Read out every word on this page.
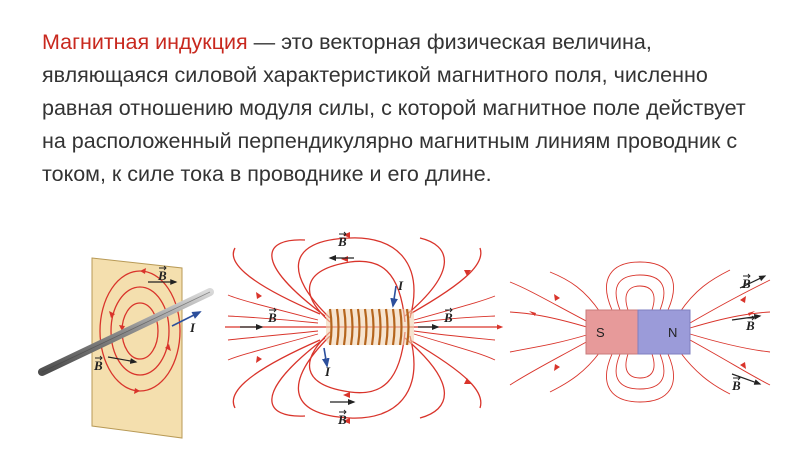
Магнитная индукция — это векторная физическая величина, являющаяся силовой характеристикой магнитного поля, численно равная отношению модуля силы, с которой магнитное поле действует на расположенный перпендикулярно магнитным линиям проводник с током, к силе тока в проводнике и его длине.
I
B
B
B	B
B
B
I
I
S	N
B
B
B
